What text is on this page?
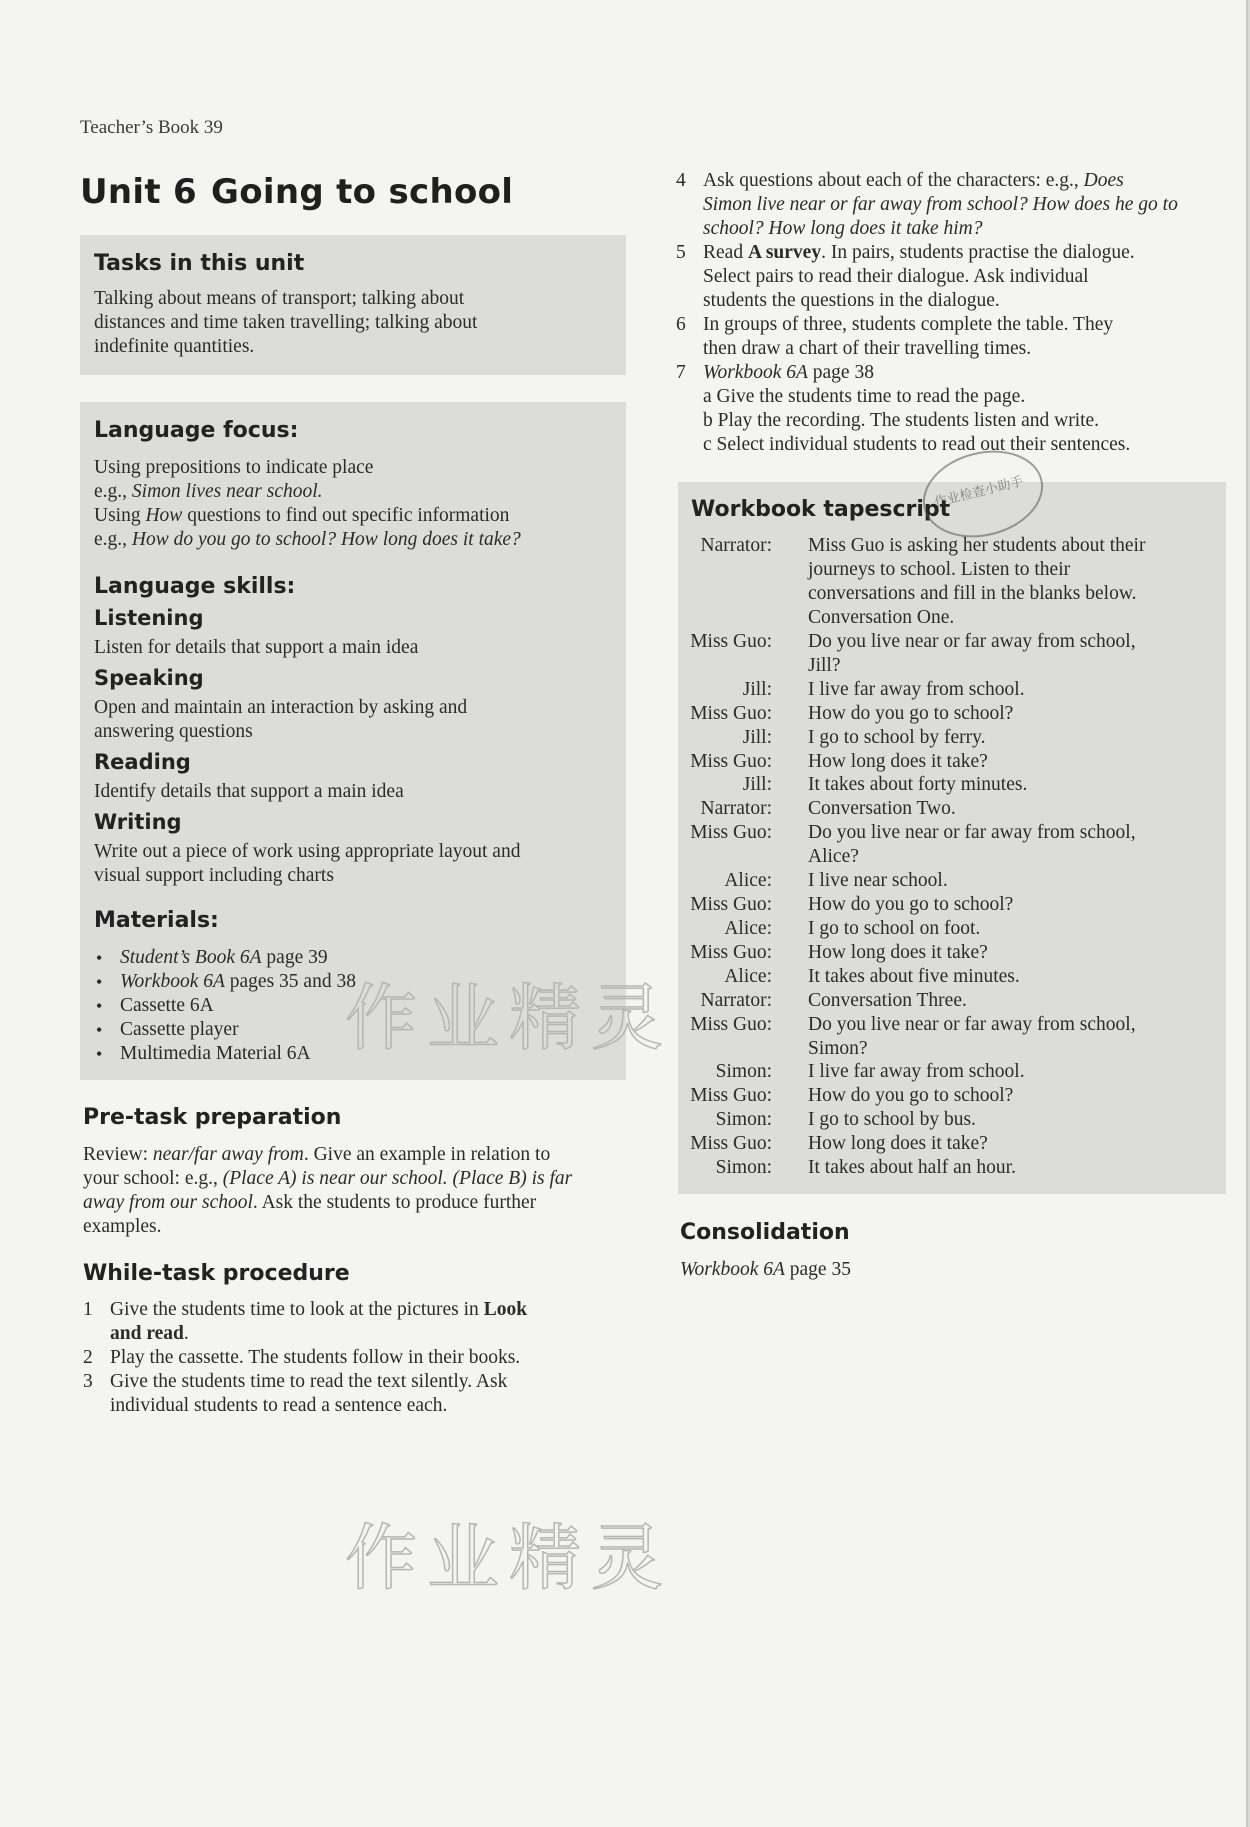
Teacher’s Book 39
Unit 6 Going to school
Tasks in this unit
Talking about means of transport; talking about
distances and time taken travelling; talking about
indefinite quantities.
Language focus:
Using prepositions to indicate place
e.g., Simon lives near school.
Using How questions to find out specific information
e.g., How do you go to school? How long does it take?
Language skills:
Listening
Listen for details that support a main idea
Speaking
Open and maintain an interaction by asking and
answering questions
Reading
Identify details that support a main idea
Writing
Write out a piece of work using appropriate layout and
visual support including charts
Materials:
• Student’s Book 6A page 39
• Workbook 6A pages 35 and 38
• Cassette 6A
• Cassette player
• Multimedia Material 6A 作业精灵
Pre-task preparation
Review: near/far away from. Give an example in relation to
your school: e.g., (Place A) is near our school. (Place B) is far
away from our school. Ask the students to produce further
examples.
While-task procedure
1 Give the students time to look at the pictures in Look
and read.
2 Play the cassette. The students follow in their books.
3 Give the students time to read the text silently. Ask
individual students to read a sentence each.
作业精灵
4 Ask questions about each of the characters: e.g., Does
Simon live near or far away from school? How does he go to
school? How long does it take him?
5 Read A survey. In pairs, students practise the dialogue.
Select pairs to read their dialogue. Ask individual
students the questions in the dialogue.
6 In groups of three, students complete the table. They
then draw a chart of their travelling times.
7 Workbook 6A page 38
a Give the students time to read the page.
b Play the recording. The students listen and write.
c Select individual students to read out their sentences.
Workbook tapescript
Narrator: Miss Guo is asking her students about their
journeys to school. Listen to their
conversations and fill in the blanks below.
Conversation One.
Miss Guo: Do you live near or far away from school,
Jill?
Jill: I live far away from school.
Miss Guo: How do you go to school?
Jill: I go to school by ferry.
Miss Guo: How long does it take?
Jill: It takes about forty minutes.
Narrator: Conversation Two.
Miss Guo: Do you live near or far away from school,
Alice?
Alice: I live near school.
Miss Guo: How do you go to school?
Alice: I go to school on foot.
Miss Guo: How long does it take?
Alice: It takes about five minutes.
Narrator: Conversation Three.
Miss Guo: Do you live near or far away from school,
Simon?
Simon: I live far away from school.
Miss Guo: How do you go to school?
Simon: I go to school by bus.
Miss Guo: How long does it take?
Simon: It takes about half an hour.
作业检查小助手
Consolidation
Workbook 6A page 35
